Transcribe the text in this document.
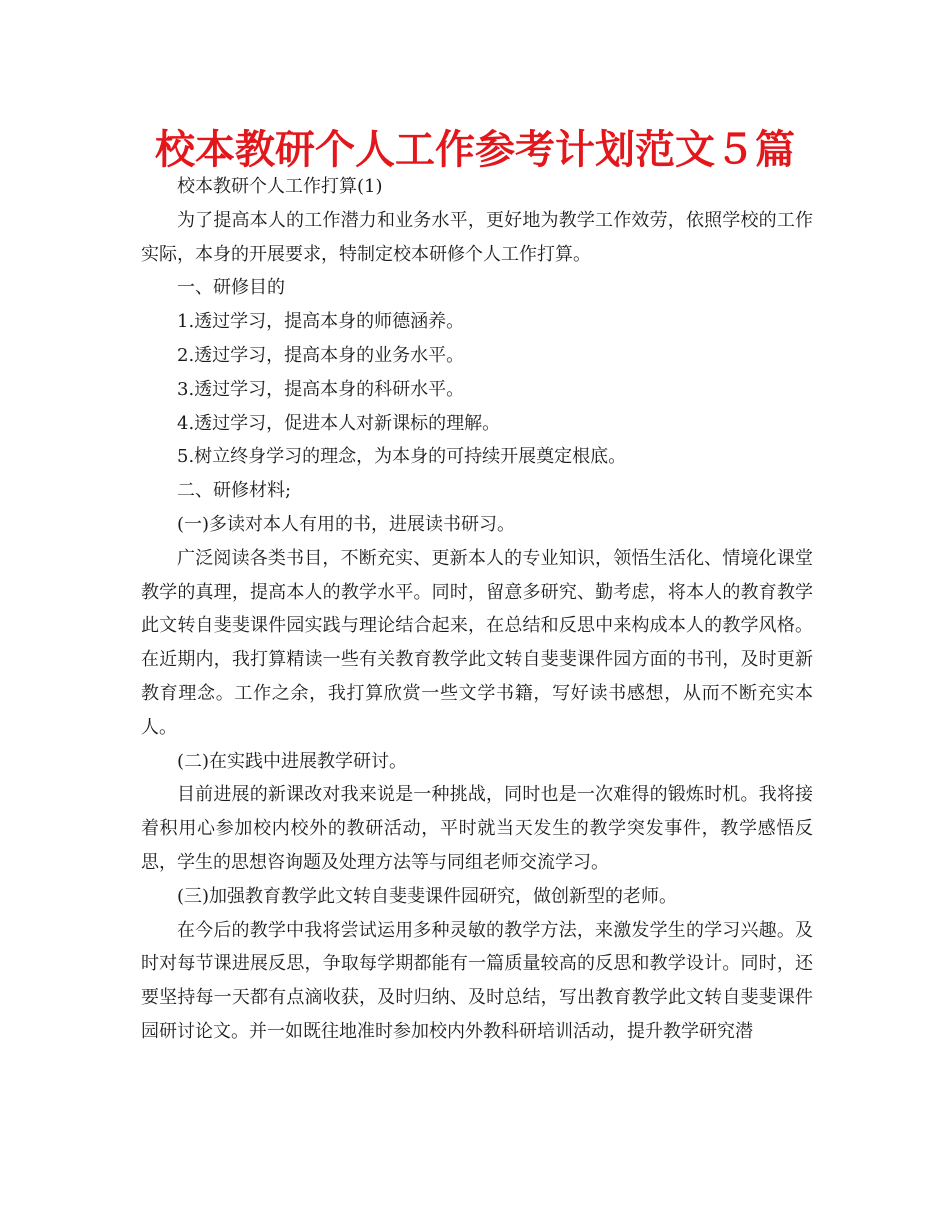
校本教研个人工作参考计划范文５篇

校本教研个人工作打算(1)

为了提高本人的工作潜力和业务水平，更好地为教学工作效劳，依照学校的工作实际，本身的开展要求，特制定校本研修个人工作打算。

一、研修目的

1.透过学习，提高本身的师德涵养。

2.透过学习，提高本身的业务水平。

3.透过学习，提高本身的科研水平。

4.透过学习，促进本人对新课标的理解。

5.树立终身学习的理念，为本身的可持续开展奠定根底。

二、研修材料;

(一)多读对本人有用的书，进展读书研习。

广泛阅读各类书目，不断充实、更新本人的专业知识，领悟生活化、情境化课堂教学的真理，提高本人的教学水平。同时，留意多研究、勤考虑，将本人的教育教学此文转自斐斐课件园实践与理论结合起来，在总结和反思中来构成本人的教学风格。在近期内，我打算精读一些有关教育教学此文转自斐斐课件园方面的书刊，及时更新教育理念。工作之余，我打算欣赏一些文学书籍，写好读书感想，从而不断充实本人。

(二)在实践中进展教学研讨。

目前进展的新课改对我来说是一种挑战，同时也是一次难得的锻炼时机。我将接着积用心参加校内校外的教研活动，平时就当天发生的教学突发事件，教学感悟反思，学生的思想咨询题及处理方法等与同组老师交流学习。

(三)加强教育教学此文转自斐斐课件园研究，做创新型的老师。

在今后的教学中我将尝试运用多种灵敏的教学方法，来激发学生的学习兴趣。及时对每节课进展反思，争取每学期都能有一篇质量较高的反思和教学设计。同时，还要坚持每一天都有点滴收获，及时归纳、及时总结，写出教育教学此文转自斐斐课件园研讨论文。并一如既往地准时参加校内外教科研培训活动，提升教学研究潜
